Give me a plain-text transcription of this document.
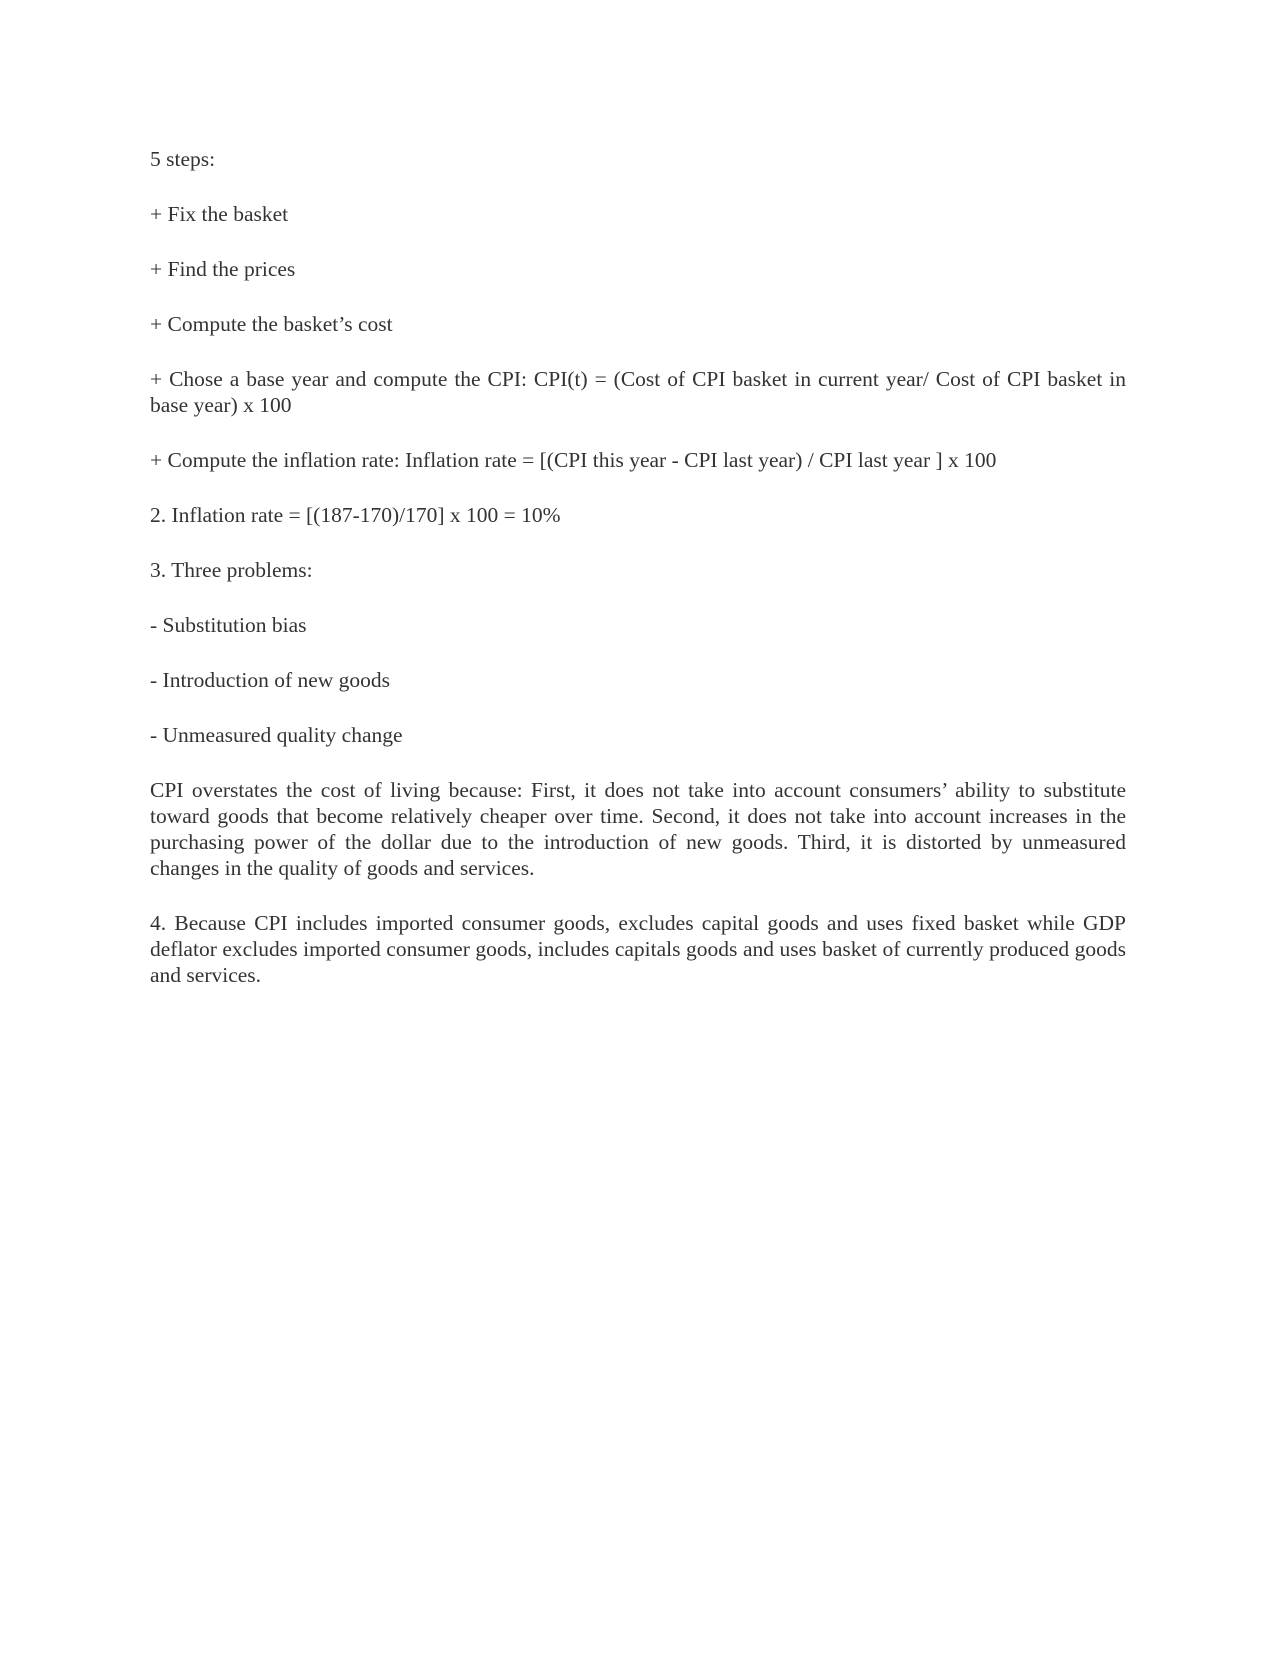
5 steps:

+ Fix the basket

+ Find the prices

+ Compute the basket’s cost

+ Chose a base year and compute the CPI: CPI(t) = (Cost of CPI basket in current year/ Cost of CPI basket in base year) x 100

+ Compute the inflation rate: Inflation rate = [(CPI this year - CPI last year) / CPI last year ] x 100

2. Inflation rate = [(187-170)/170] x 100 = 10%

3. Three problems:

- Substitution bias

- Introduction of new goods

- Unmeasured quality change

CPI overstates the cost of living because: First, it does not take into account consumers’ ability to substitute toward goods that become relatively cheaper over time. Second, it does not take into account increases in the purchasing power of the dollar due to the introduction of new goods. Third, it is distorted by unmeasured changes in the quality of goods and services.

4. Because CPI includes imported consumer goods, excludes capital goods and uses fixed basket while GDP deflator excludes imported consumer goods, includes capitals goods and uses basket of currently produced goods and services.
